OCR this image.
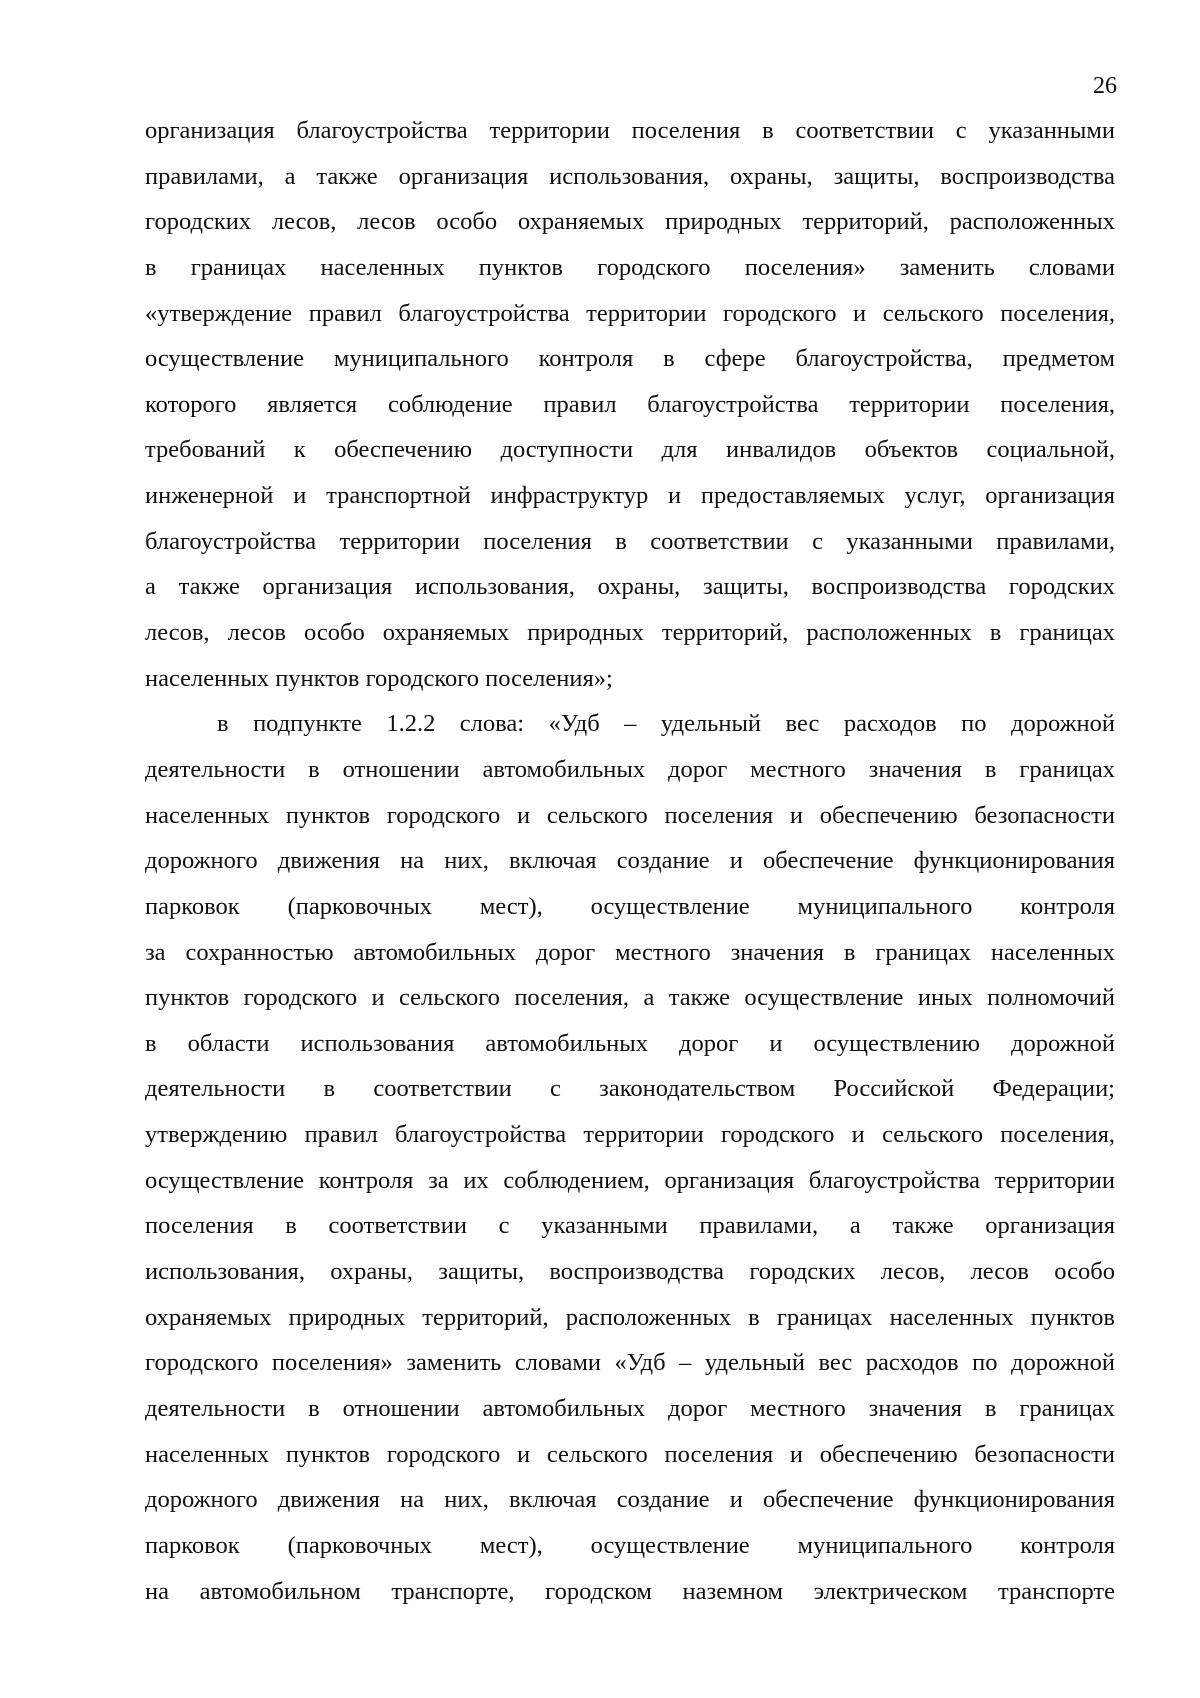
26
организация благоустройства территории поселения в соответствии с указанными
правилами, а также организация использования, охраны, защиты, воспроизводства
городских лесов, лесов особо охраняемых природных территорий, расположенных
в границах населенных пунктов городского поселения» заменить словами
«утверждение правил благоустройства территории городского и сельского поселения,
осуществление муниципального контроля в сфере благоустройства, предметом
которого является соблюдение правил благоустройства территории поселения,
требований к обеспечению доступности для инвалидов объектов социальной,
инженерной и транспортной инфраструктур и предоставляемых услуг, организация
благоустройства территории поселения в соответствии с указанными правилами,
а также организация использования, охраны, защиты, воспроизводства городских
лесов, лесов особо охраняемых природных территорий, расположенных в границах
населенных пунктов городского поселения»;
в подпункте 1.2.2 слова: «Удб – удельный вес расходов по дорожной
деятельности в отношении автомобильных дорог местного значения в границах
населенных пунктов городского и сельского поселения и обеспечению безопасности
дорожного движения на них, включая создание и обеспечение функционирования
парковок (парковочных мест), осуществление муниципального контроля
за сохранностью автомобильных дорог местного значения в границах населенных
пунктов городского и сельского поселения, а также осуществление иных полномочий
в области использования автомобильных дорог и осуществлению дорожной
деятельности в соответствии с законодательством Российской Федерации;
утверждению правил благоустройства территории городского и сельского поселения,
осуществление контроля за их соблюдением, организация благоустройства территории
поселения в соответствии с указанными правилами, а также организация
использования, охраны, защиты, воспроизводства городских лесов, лесов особо
охраняемых природных территорий, расположенных в границах населенных пунктов
городского поселения» заменить словами «Удб – удельный вес расходов по дорожной
деятельности в отношении автомобильных дорог местного значения в границах
населенных пунктов городского и сельского поселения и обеспечению безопасности
дорожного движения на них, включая создание и обеспечение функционирования
парковок (парковочных мест), осуществление муниципального контроля
на автомобильном транспорте, городском наземном электрическом транспорте
